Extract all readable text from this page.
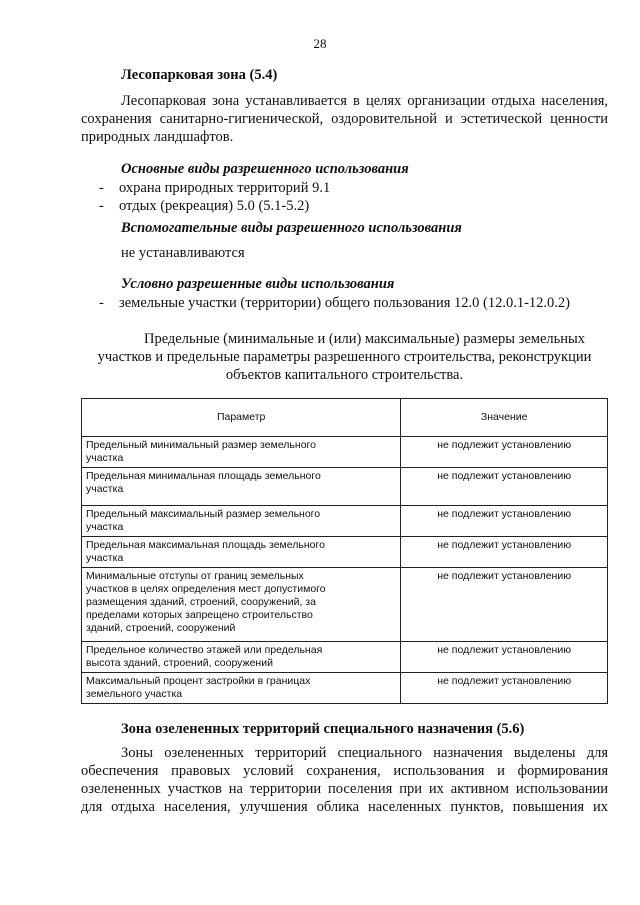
28
Лесопарковая зона (5.4)
Лесопарковая зона устанавливается в целях организации отдыха населения,
сохранения санитарно-гигиенической, оздоровительной и эстетической ценности
природных ландшафтов.
Основные виды разрешенного использования
- охрана природных территорий 9.1
- отдых (рекреация) 5.0 (5.1-5.2)
Вспомогательные виды разрешенного использования
не устанавливаются
Условно разрешенные виды использования
- земельные участки (территории) общего пользования 12.0 (12.0.1-12.0.2)
Предельные (минимальные и (или) максимальные) размеры земельных
участков и предельные параметры разрешенного строительства, реконструкции
объектов капитального строительства.
Параметр	Значение

Предельный минимальный размер земельного
участка	не подлежит установлению

Предельная минимальная площадь земельного
участка	не подлежит установлению

Предельный максимальный размер земельного
участка	не подлежит установлению

Предельная максимальная площадь земельного
участка	не подлежит установлению

Минимальные отступы от границ земельных
участков в целях определения мест допустимого
размещения зданий, строений, сооружений, за
пределами которых запрещено строительство
зданий, строений, сооружений	не подлежит установлению

Предельное количество этажей или предельная
высота зданий, строений, сооружений	не подлежит установлению

Максимальный процент застройки в границах
земельного участка	не подлежит установлению
Зона озелененных территорий специального назначения (5.6)
Зоны озелененных территорий специального назначения выделены для
обеспечения правовых условий сохранения, использования и формирования
озелененных участков на территории поселения при их активном использовании
для отдыха населения, улучшения облика населенных пунктов, повышения их
